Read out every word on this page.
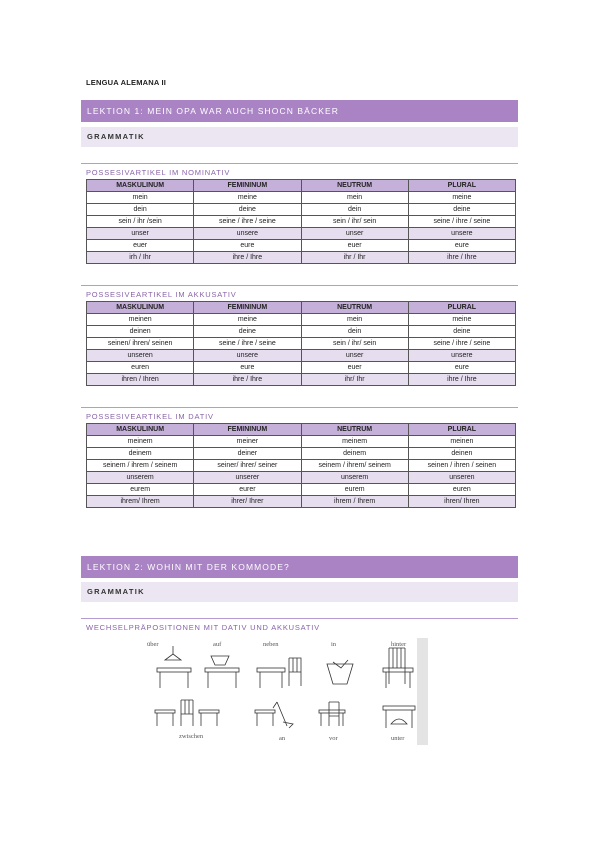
LENGUA ALEMANA II
LEKTION 1: MEIN OPA WAR AUCH SHOCN BÄCKER
GRAMMATIK
POSSESIVARTIKEL IM NOMINATIV
MASKULINUM	FEMININUM	NEUTRUM	PLURAL
mein	meine	mein	meine
dein	deine	dein	deine
sein / ihr /sein	seine / ihre / seine	sein / ihr/ sein	seine / ihre / seine
unser	unsere	unser	unsere
euer	eure	euer	eure
irh / Ihr	ihre / Ihre	ihr / Ihr	ihre / Ihre
POSSESIVEARTIKEL IM AKKUSATIV
MASKULINUM	FEMININUM	NEUTRUM	PLURAL
meinen	meine	mein	meine
deinen	deine	dein	deine
seinen/ ihren/ seinen	seine / ihre / seine	sein / ihr/ sein	seine / ihre / seine
unseren	unsere	unser	unsere
euren	eure	euer	eure
ihren / Ihren	ihre / Ihre	ihr/ Ihr	ihre / Ihre
POSSESIVEARTIKEL IM DATIV
MASKULINUM	FEMININUM	NEUTRUM	PLURAL
meinem	meiner	meinem	meinen
deinem	deiner	deinem	deinen
seinem / ihrem / seinem	seiner/ ihrer/ seiner	seinem / ihrem/ seinem	seinen / ihren / seinen
unserem	unserer	unserem	unseren
eurem	eurer	eurem	euren
ihrem/ Ihrem	ihrer/ Ihrer	ihrem / Ihrem	ihren/ Ihren
LEKTION 2: WOHIN MIT DER KOMMODE?
GRAMMATIK
WECHSELPRÄPOSITIONEN MIT DATIV UND AKKUSATIV
über	auf	neben	in	hinter
zwischen	an	vor	unter
